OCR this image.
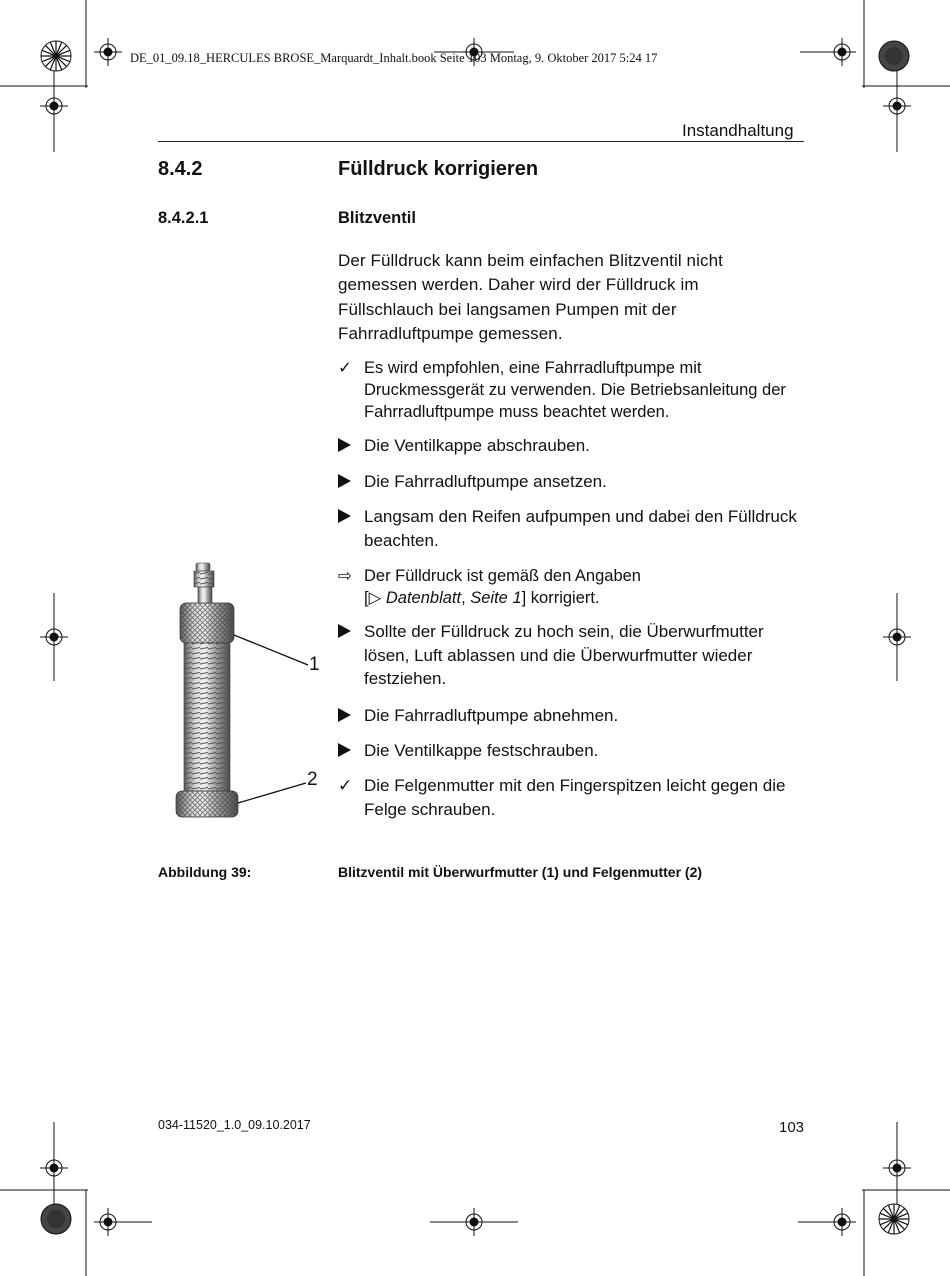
DE_01_09.18_HERCULES BROSE_Marquardt_Inhalt.book Seite 103 Montag, 9. Oktober 2017 5:24 17
Instandhaltung
8.4.2	Fülldruck korrigieren
8.4.2.1	Blitzventil
Der Fülldruck kann beim einfachen Blitzventil nicht gemessen werden. Daher wird der Fülldruck im Füllschlauch bei langsamen Pumpen mit der Fahrradluftpumpe gemessen.
✓ Es wird empfohlen, eine Fahrradluftpumpe mit Druckmessgerät zu verwenden. Die Betriebsanleitung der Fahrradluftpumpe muss beachtet werden.
Die Ventilkappe abschrauben.
Die Fahrradluftpumpe ansetzen.
Langsam den Reifen aufpumpen und dabei den Fülldruck beachten.
⇨ Der Fülldruck ist gemäß den Angaben
[▷ Datenblatt, Seite 1] korrigiert.
Sollte der Fülldruck zu hoch sein, die Überwurfmutter lösen, Luft ablassen und die Überwurfmutter wieder festziehen.
Die Fahrradluftpumpe abnehmen.
Die Ventilkappe festschrauben.
✓ Die Felgenmutter mit den Fingerspitzen leicht gegen die Felge schrauben.
1
2
Abbildung 39:	Blitzventil mit Überwurfmutter (1) und Felgenmutter (2)
034-11520_1.0_09.10.2017	103
